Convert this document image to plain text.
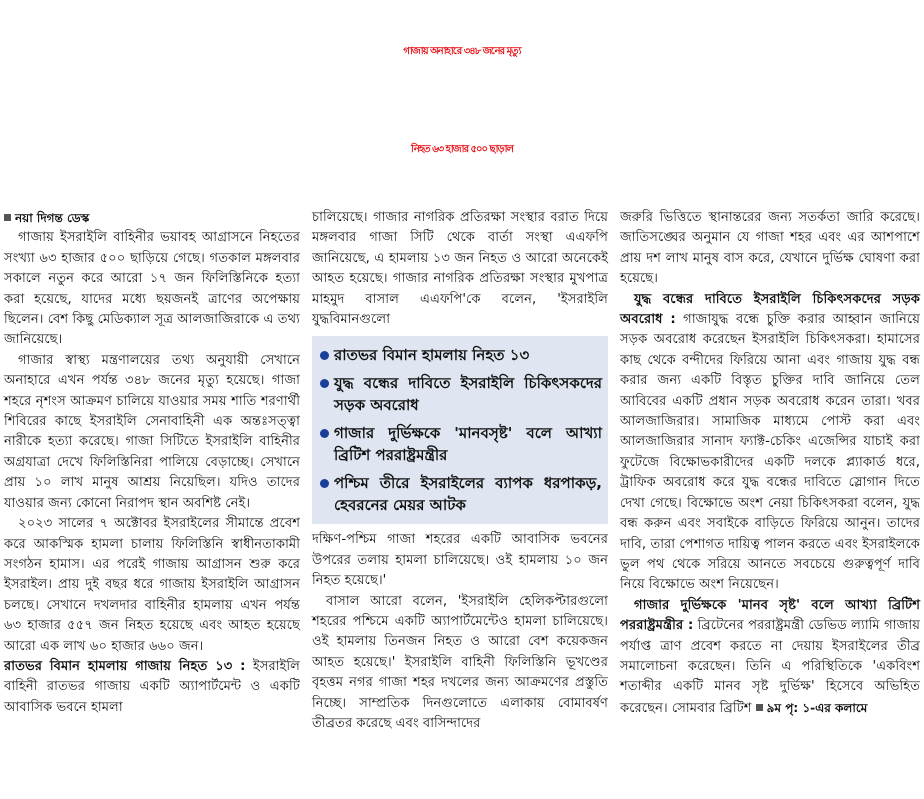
গাজায় অনাহারে ৩৪৮ জনের মৃত্যু
নিহত ৬৩ হাজার ৫০০ ছাড়াল

নয়া দিগন্ত ডেস্ক

গাজায় ইসরাইলি বাহিনীর ভয়াবহ আগ্রাসনে নিহতের সংখ্যা ৬৩ হাজার ৫০০ ছাড়িয়ে গেছে। গতকাল মঙ্গলবার সকালে নতুন করে আরো ১৭ জন ফিলিস্তিনিকে হত্যা করা হয়েছে, যাদের মধ্যে ছয়জনই ত্রাণের অপেক্ষায় ছিলেন। বেশ কিছু মেডিক্যাল সূত্র আলজাজিরাকে এ তথ্য জানিয়েছে।

গাজার স্বাস্থ্য মন্ত্রণালয়ের তথ্য অনুযায়ী সেখানে অনাহারে এখন পর্যন্ত ৩৪৮ জনের মৃত্যু হয়েছে। গাজা শহরে নৃশংস আক্রমণ চালিয়ে যাওয়ার সময় শাতি শরণার্থী শিবিরের কাছে ইসরাইলি সেনাবাহিনী এক অন্তঃসত্ত্বা নারীকে হত্যা করেছে। গাজা সিটিতে ইসরাইলি বাহিনীর অগ্রযাত্রা দেখে ফিলিস্তিনিরা পালিয়ে বেড়াচ্ছে। সেখানে প্রায় ১০ লাখ মানুষ আশ্রয় নিয়েছিল। যদিও তাদের যাওয়ার জন্য কোনো নিরাপদ স্থান অবশিষ্ট নেই।

২০২৩ সালের ৭ অক্টোবর ইসরাইলের সীমান্তে প্রবেশ করে আকস্মিক হামলা চালায় ফিলিস্তিনি স্বাধীনতাকামী সংগঠন হামাস। এর পরেই গাজায় আগ্রাসন শুরু করে ইসরাইল। প্রায় দুই বছর ধরে গাজায় ইসরাইলি আগ্রাসন চলছে। সেখানে দখলদার বাহিনীর হামলায় এখন পর্যন্ত ৬৩ হাজার ৫৫৭ জন নিহত হয়েছে এবং আহত হয়েছে আরো এক লাখ ৬০ হাজার ৬৬০ জন।

রাতভর বিমান হামলায় গাজায় নিহত ১৩ : ইসরাইলি বাহিনী রাতভর গাজায় একটি অ্যাপার্টমেন্ট ও একটি আবাসিক ভবনে হামলা

চালিয়েছে। গাজার নাগরিক প্রতিরক্ষা সংস্থার বরাত দিয়ে মঙ্গলবার গাজা সিটি থেকে বার্তা সংস্থা এএফপি জানিয়েছে, এ হামলায় ১৩ জন নিহত ও আরো অনেকেই আহত হয়েছে। গাজার নাগরিক প্রতিরক্ষা সংস্থার মুখপাত্র মাহমুদ বাসাল এএফপি'কে বলেন, 'ইসরাইলি যুদ্ধবিমানগুলো

রাতভর বিমান হামলায় নিহত ১৩
যুদ্ধ বন্ধের দাবিতে ইসরাইলি চিকিৎসকদের সড়ক অবরোধ
গাজার দুর্ভিক্ষকে 'মানবসৃষ্ট' বলে আখ্যা ব্রিটিশ পররাষ্ট্রমন্ত্রীর
পশ্চিম তীরে ইসরাইলের ব্যাপক ধরপাকড়, হেবরনের মেয়র আটক

দক্ষিণ-পশ্চিম গাজা শহরের একটি আবাসিক ভবনের উপরের তলায় হামলা চালিয়েছে। ওই হামলায় ১০ জন নিহত হয়েছে।'

বাসাল আরো বলেন, 'ইসরাইলি হেলিকপ্টারগুলো শহরের পশ্চিমে একটি অ্যাপার্টমেন্টেও হামলা চালিয়েছে। ওই হামলায় তিনজন নিহত ও আরো বেশ কয়েকজন আহত হয়েছে।' ইসরাইলি বাহিনী ফিলিস্তিনি ভূখণ্ডের বৃহত্তম নগর গাজা শহর দখলের জন্য আক্রমণের প্রস্তুতি নিচ্ছে। সাম্প্রতিক দিনগুলোতে এলাকায় বোমাবর্ষণ তীব্রতর করেছে এবং বাসিন্দাদের

জরুরি ভিত্তিতে স্থানান্তরের জন্য সতর্কতা জারি করেছে। জাতিসঙ্ঘের অনুমান যে গাজা শহর এবং এর আশপাশে প্রায় দশ লাখ মানুষ বাস করে, যেখানে দুর্ভিক্ষ ঘোষণা করা হয়েছে।

যুদ্ধ বন্ধের দাবিতে ইসরাইলি চিকিৎসকদের সড়ক অবরোধ : গাজাযুদ্ধ বন্ধে চুক্তি করার আহ্বান জানিয়ে সড়ক অবরোধ করেছেন ইসরাইলি চিকিৎসকরা। হামাসের কাছ থেকে বন্দীদের ফিরিয়ে আনা এবং গাজায় যুদ্ধ বন্ধ করার জন্য একটি বিস্তৃত চুক্তির দাবি জানিয়ে তেল আবিবের একটি প্রধান সড়ক অবরোধ করেন তারা। খবর আলজাজিরার। সামাজিক মাধ্যমে পোস্ট করা এবং আলজাজিরার সানাদ ফ্যাক্ট-চেকিং এজেন্সির যাচাই করা ফুটেজে বিক্ষোভকারীদের একটি দলকে প্ল্যাকার্ড ধরে, ট্রাফিক অবরোধ করে যুদ্ধ বন্ধের দাবিতে স্লোগান দিতে দেখা গেছে। বিক্ষোভে অংশ নেয়া চিকিৎসকরা বলেন, যুদ্ধ বন্ধ করুন এবং সবাইকে বাড়িতে ফিরিয়ে আনুন। তাদের দাবি, তারা পেশাগত দায়িত্ব পালন করতে এবং ইসরাইলকে ভুল পথ থেকে সরিয়ে আনতে সবচেয়ে গুরুত্বপূর্ণ দাবি নিয়ে বিক্ষোভে অংশ নিয়েছেন।

গাজার দুর্ভিক্ষকে 'মানব সৃষ্ট' বলে আখ্যা ব্রিটিশ পররাষ্ট্রমন্ত্রীর : ব্রিটেনের পররাষ্ট্রমন্ত্রী ডেভিড ল্যামি গাজায় পর্যাপ্ত ত্রাণ প্রবেশ করতে না দেয়ায় ইসরাইলের তীব্র সমালোচনা করেছেন। তিনি এ পরিস্থিতিকে 'একবিংশ শতাব্দীর একটি মানব সৃষ্ট দুর্ভিক্ষ' হিসেবে অভিহিত করেছেন। সোমবার ব্রিটিশ ৯ম পৃ: ১-এর কলামে
